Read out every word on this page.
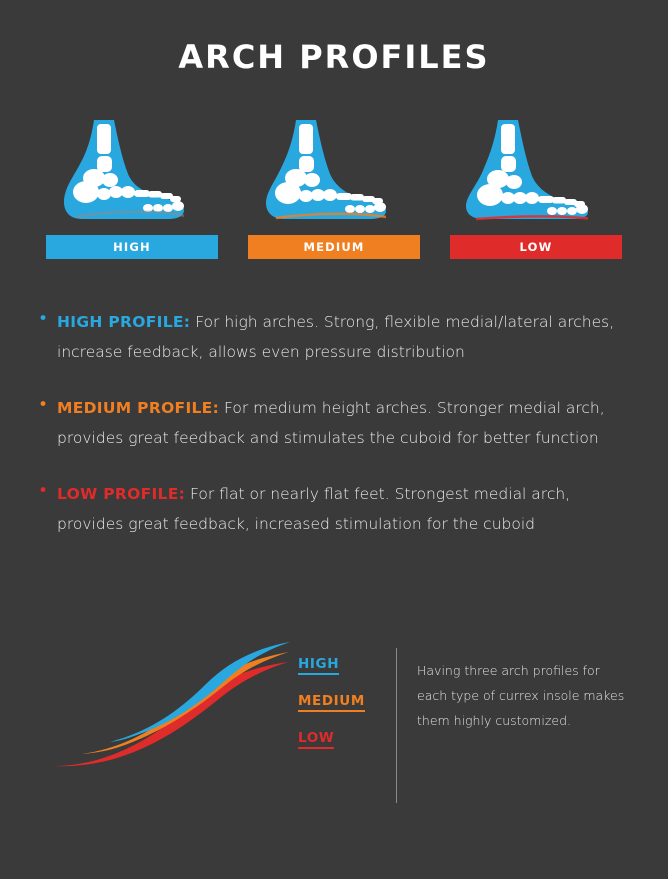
ARCH PROFILES
HIGH	MEDIUM	LOW
• HIGH PROFILE: For high arches. Strong, flexible medial/lateral arches, increase feedback, allows even pressure distribution
• MEDIUM PROFILE: For medium height arches. Stronger medial arch, provides great feedback and stimulates the cuboid for better function
• LOW PROFILE: For flat or nearly flat feet. Strongest medial arch, provides great feedback, increased stimulation for the cuboid
HIGH
MEDIUM
LOW
Having three arch profiles for each type of currex insole makes them highly customized.
